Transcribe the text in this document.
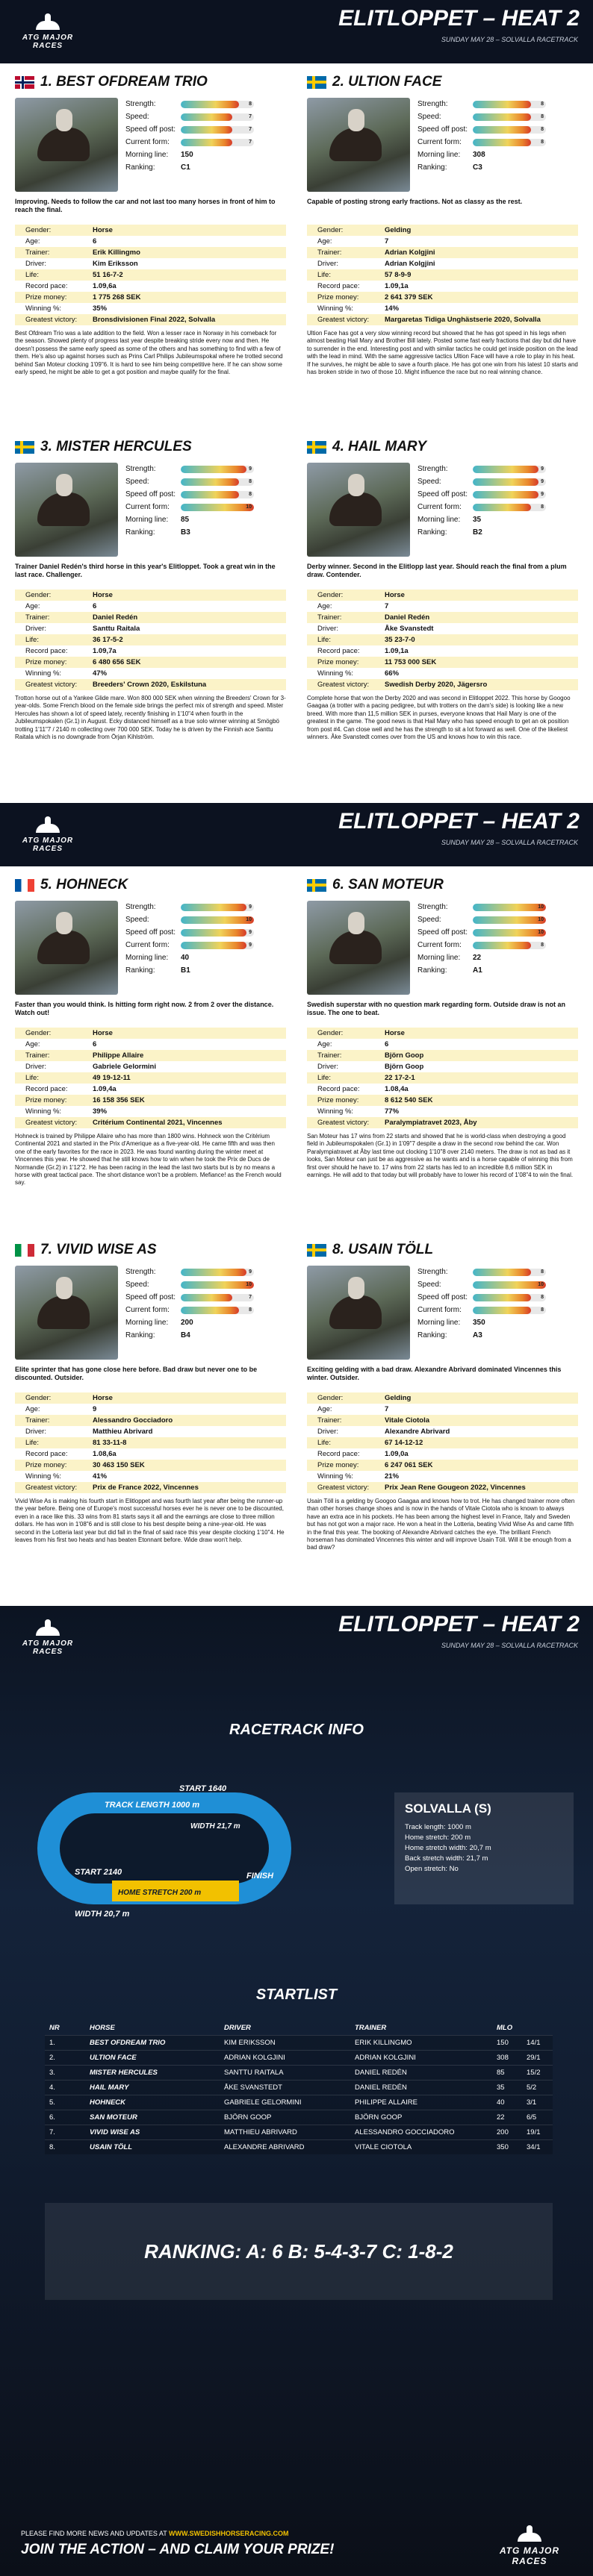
ATG MAJOR RACES
ELITLOPPET – HEAT 2
SUNDAY MAY 28 – SOLVALLA RACETRACK
1. BEST OFDREAM TRIO
Strength:	8
Speed:	7
Speed off post:	7
Current form:	7
Morning line:	150
Ranking:	C1
Improving. Needs to follow the car and not last too many horses in front of him to reach the final.
Gender:	Horse
Age:	6
Trainer:	Erik Killingmo
Driver:	Kim Eriksson
Life:	51 16-7-2
Record pace:	1.09,6a
Prize money:	1 775 268 SEK
Winning %:	35%
Greatest victory:	Bronsdivisionen Final 2022, Solvalla
Best Ofdream Trio was a late addition to the field. Won a lesser race in Norway in his comeback for the season. Showed plenty of progress last year despite breaking stride every now and then. He doesn't possess the same early speed as some of the others and has something to find with a few of them. He's also up against horses such as Prins Carl Philips Jubileumspokal where he trotted second behind San Moteur clocking 1'09"6. It is hard to see him being competitive here. If he can show some early speed, he might be able to get a got position and maybe qualify for the final.
2. ULTION FACE
Strength:	8
Speed:	8
Speed off post:	8
Current form:	8
Morning line:	308
Ranking:	C3
Capable of posting strong early fractions. Not as classy as the rest.
Gender:	Gelding
Age:	7
Trainer:	Adrian Kolgjini
Driver:	Adrian Kolgjini
Life:	57 8-9-9
Record pace:	1.09,1a
Prize money:	2 641 379 SEK
Winning %:	14%
Greatest victory:	Margaretas Tidiga Unghästserie 2020, Solvalla
Ultion Face has got a very slow winning record but showed that he has got speed in his legs when almost beating Hail Mary and Brother Bill lately. Posted some fast early fractions that day but did have to surrender in the end. Interesting post and with similar tactics he could get inside position on the lead with the lead in mind. With the same aggressive tactics Ultion Face will have a role to play in his heat. If he survives, he might be able to save a fourth place. He has got one win from his latest 10 starts and has broken stride in two of those 10. Might influence the race but no real winning chance.
3. MISTER HERCULES
Strength:	9
Speed:	8
Speed off post:	8
Current form:	10
Morning line:	85
Ranking:	B3
Trainer Daniel Redén's third horse in this year's Elitloppet. Took a great win in the last race. Challenger.
Gender:	Horse
Age:	6
Trainer:	Daniel Redén
Driver:	Santtu Raitala
Life:	36 17-5-2
Record pace:	1.09,7a
Prize money:	6 480 656 SEK
Winning %:	47%
Greatest victory:	Breeders' Crown 2020, Eskilstuna
Trotton horse out of a Yankee Glide mare. Won 800 000 SEK when winning the Breeders' Crown for 3-year-olds. Some French blood on the female side brings the perfect mix of strength and speed. Mister Hercules has shown a lot of speed lately, recently finishing in 1'10"4 when fourth in the Jubileumspokalen (Gr.1) in August. Ecky distanced himself as a true solo winner winning at Smögbö trotting 1'11"7 / 2140 m collecting over 700 000 SEK. Today he is driven by the Finnish ace Santtu Raitala which is no downgrade from Örjan Kihlström.
4. HAIL MARY
Strength:	9
Speed:	9
Speed off post:	9
Current form:	8
Morning line:	35
Ranking:	B2
Derby winner. Second in the Elitlopp last year. Should reach the final from a plum draw. Contender.
Gender:	Horse
Age:	7
Trainer:	Daniel Redén
Driver:	Åke Svanstedt
Life:	35 23-7-0
Record pace:	1.09,1a
Prize money:	11 753 000 SEK
Winning %:	66%
Greatest victory:	Swedish Derby 2020, Jägersro
Complete horse that won the Derby 2020 and was second in Elitloppet 2022. This horse by Googoo Gaagaa (a trotter with a pacing pedigree, but with trotters on the dam's side) is looking like a new breed. With more than 11,5 million SEK in purses, everyone knows that Hail Mary is one of the greatest in the game. The good news is that Hail Mary who has speed enough to get an ok position from post #4. Can close well and he has the strength to sit a lot forward as well. One of the likeliest winners. Åke Svanstedt comes over from the US and knows how to win this race.
ATG MAJOR RACES
ELITLOPPET – HEAT 2
SUNDAY MAY 28 – SOLVALLA RACETRACK
5. HOHNECK
Strength:	9
Speed:	10
Speed off post:	9
Current form:	9
Morning line:	40
Ranking:	B1
Faster than you would think. Is hitting form right now. 2 from 2 over the distance. Watch out!
Gender:	Horse
Age:	6
Trainer:	Philippe Allaire
Driver:	Gabriele Gelormini
Life:	49 19-12-11
Record pace:	1.09,4a
Prize money:	16 158 356 SEK
Winning %:	39%
Greatest victory:	Critérium Continental 2021, Vincennes
Hohneck is trained by Philippe Allaire who has more than 1800 wins. Hohneck won the Critérium Continental 2021 and started in the Prix d'Amerique as a five-year-old. He came fifth and was then one of the early favorites for the race in 2023. He was found wanting during the winter meet at Vincennes this year. He showed that he still knows how to win when he took the Prix de Ducs de Normandie (Gr.2) in 1'12"2. He has been racing in the lead the last two starts but is by no means a horse with great tactical pace. The short distance won't be a problem. Mefiance! as the French would say.
6. SAN MOTEUR
Strength:	10
Speed:	10
Speed off post:	10
Current form:	8
Morning line:	22
Ranking:	A1
Swedish superstar with no question mark regarding form. Outside draw is not an issue. The one to beat.
Gender:	Horse
Age:	6
Trainer:	Björn Goop
Driver:	Björn Goop
Life:	22 17-2-1
Record pace:	1.08,4a
Prize money:	8 612 540 SEK
Winning %:	77%
Greatest victory:	Paralympiatravet 2023, Åby
San Moteur has 17 wins from 22 starts and showed that he is world-class when destroying a good field in Jubileumspokalen (Gr.1) in 1'09"7 despite a draw in the second row behind the car. Won Paralympiatravet at Åby last time out clocking 1'10"8 over 2140 meters. The draw is not as bad as it looks, San Moteur can just be as aggressive as he wants and is a horse capable of winning this from first over should he have to. 17 wins from 22 starts has led to an incredible 8,6 million SEK in earnings. He will add to that today but will probably have to lower his record of 1'08"4 to win the final.
7. VIVID WISE AS
Strength:	9
Speed:	10
Speed off post:	7
Current form:	8
Morning line:	200
Ranking:	B4
Elite sprinter that has gone close here before. Bad draw but never one to be discounted. Outsider.
Gender:	Horse
Age:	9
Trainer:	Alessandro Gocciadoro
Driver:	Matthieu Abrivard
Life:	81 33-11-8
Record pace:	1.08,6a
Prize money:	30 463 150 SEK
Winning %:	41%
Greatest victory:	Prix de France 2022, Vincennes
Vivid Wise As is making his fourth start in Elitloppet and was fourth last year after being the runner-up the year before. Being one of Europe's most successful horses ever he is never one to be discounted, even in a race like this. 33 wins from 81 starts says it all and the earnings are close to three million dollars. He has won in 1'08"6 and is still close to his best despite being a nine-year-old. He was second in the Lotteria last year but did fall in the final of said race this year despite clocking 1'10"4. He leaves from his first two heats and has beaten Etonnant before. Wide draw won't help.
8. USAIN TÖLL
Strength:	8
Speed:	10
Speed off post:	8
Current form:	8
Morning line:	350
Ranking:	A3
Exciting gelding with a bad draw. Alexandre Abrivard dominated Vincennes this winter. Outsider.
Gender:	Gelding
Age:	7
Trainer:	Vitale Ciotola
Driver:	Alexandre Abrivard
Life:	67 14-12-12
Record pace:	1.09,0a
Prize money:	6 247 061 SEK
Winning %:	21%
Greatest victory:	Prix Jean Rene Gougeon 2022, Vincennes
Usain Töll is a gelding by Googoo Gaagaa and knows how to trot. He has changed trainer more often than other horses change shoes and is now in the hands of Vitale Ciotola who is known to always have an extra ace in his pockets. He has been among the highest level in France, Italy and Sweden but has not got won a major race. He won a heat in the Lotteria, beating Vivid Wise As and came fifth in the final this year. The booking of Alexandre Abrivard catches the eye. The brilliant French horseman has dominated Vincennes this winter and will improve Usain Töll. Will it be enough from a bad draw?
ATG MAJOR RACES
ELITLOPPET – HEAT 2
SUNDAY MAY 28 – SOLVALLA RACETRACK
RACETRACK INFO
TRACK LENGTH 1000 m
START 1640
WIDTH 21,7 m
START 2140
HOME STRETCH 200 m
FINISH
WIDTH 20,7 m
SOLVALLA (S)
Track length: 1000 m
Home stretch: 200 m
Home stretch width: 20,7 m
Back stretch width: 21,7 m
Open stretch: No
STARTLIST
NR	HORSE	DRIVER	TRAINER	MLO
1.	BEST OFDREAM TRIO	KIM ERIKSSON	ERIK KILLINGMO	150	14/1
2.	ULTION FACE	ADRIAN KOLGJINI	ADRIAN KOLGJINI	308	29/1
3.	MISTER HERCULES	SANTTU RAITALA	DANIEL REDÉN	85	15/2
4.	HAIL MARY	ÅKE SVANSTEDT	DANIEL REDÉN	35	5/2
5.	HOHNECK	GABRIELE GELORMINI	PHILIPPE ALLAIRE	40	3/1
6.	SAN MOTEUR	BJÖRN GOOP	BJÖRN GOOP	22	6/5
7.	VIVID WISE AS	MATTHIEU ABRIVARD	ALESSANDRO GOCCIADORO	200	19/1
8.	USAIN TÖLL	ALEXANDRE ABRIVARD	VITALE CIOTOLA	350	34/1
RANKING: A: 6 B: 5-4-3-7 C: 1-8-2
PLEASE FIND MORE NEWS AND UPDATES AT WWW.SWEDISHHORSERACING.COM
JOIN THE ACTION – AND CLAIM YOUR PRIZE!	ATG MAJOR RACES
